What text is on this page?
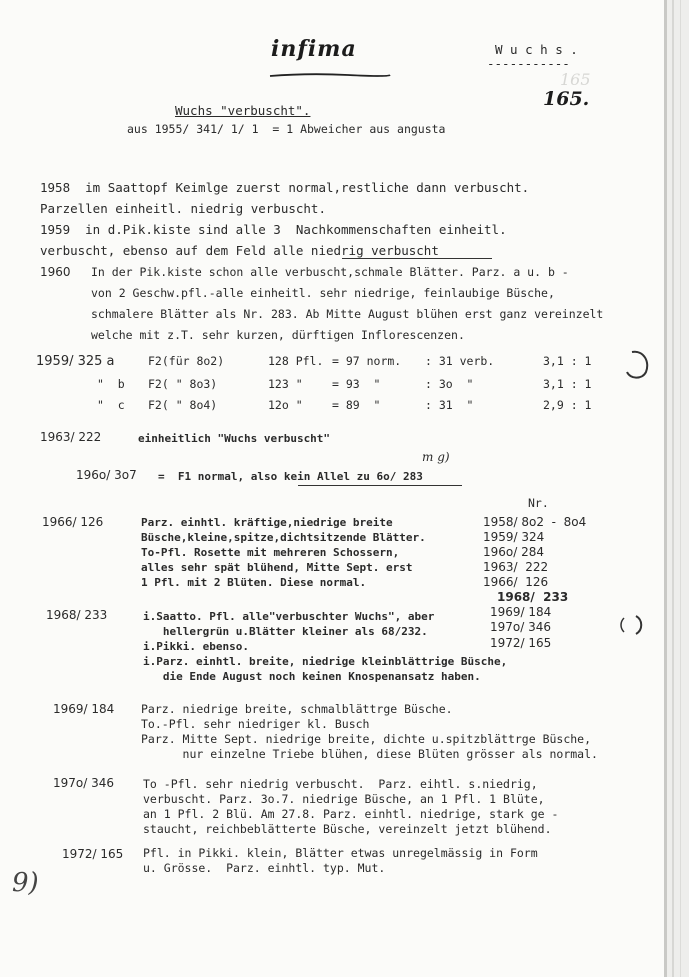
infima	W u c h s .
-----------
165
165.
Wuchs "verbuscht".
aus 1955/ 341/ 1/ 1  = 1 Abweicher aus angusta
1958  im Saattopf Keimlge zuerst normal,restliche dann verbuscht.
Parzellen einheitl. niedrig verbuscht.
1959  in d.Pik.kiste sind alle 3  Nachkommenschaften einheitl.
verbuscht, ebenso auf dem Feld alle niedrig verbuscht
1960 In der Pik.kiste schon alle verbuscht,schmale Blätter. Parz. a u. b -
von 2 Geschw.pfl.-alle einheitl. sehr niedrige, feinlaubige Büsche,
schmalere Blätter als Nr. 283. Ab Mitte August blühen erst ganz vereinzelt
welche mit z.T. sehr kurzen, dürftigen Inflorescenzen.
1959/ 325 a	F2(für 8o2)	128 Pfl. = 97 norm. : 31 verb.	3,1 : 1
"  b F2( " 8o3)	123 "	= 93  "	: 3o  "	3,1 : 1
"  c F2( " 8o4)	12o "	= 89  "	: 31  "	2,9 : 1
1963/ 222	einheitlich "Wuchs verbuscht"
m g)
196o/ 3o7 =  F1 normal, also kein Allel zu 6o/ 283
Nr.
1966/ 126	Parz. einhtl. kräftige,niedrige breite
Büsche,kleine,spitze,dichtsitzende Blätter.
To-Pfl. Rosette mit mehreren Schossern,
alles sehr spät blühend, Mitte Sept. erst
1 Pfl. mit 2 Blüten. Diese normal.
1958/ 8o2  -  8o4
1959/ 324
196o/ 284
1963/  222
1966/  126
1968/  233
1968/ 233	i.Saatto. Pfl. alle"verbuschter Wuchs", aber
hellergrün u.Blätter kleiner als 68/232.
i.Pikki. ebenso.
i.Parz. einhtl. breite, niedrige kleinblättrige Büsche,
die Ende August noch keinen Knospenansatz haben.
1969/ 184
197o/ 346
1972/ 165
1969/ 184 Parz. niedrige breite, schmalblättrge Büsche.
To.-Pfl. sehr niedriger kl. Busch
Parz. Mitte Sept. niedrige breite, dichte u.spitzblättrge Büsche,
nur einzelne Triebe blühen, diese Blüten grösser als normal.
197o/ 346	To -Pfl. sehr niedrig verbuscht.  Parz. eihtl. s.niedrig,
verbuscht. Parz. 3o.7. niedrige Büsche, an 1 Pfl. 1 Blüte,
an 1 Pfl. 2 Blü. Am 27.8. Parz. einhtl. niedrige, stark ge -
staucht, reichbeblätterte Büsche, vereinzelt jetzt blühend.
1972/ 165 Pfl. in Pikki. klein, Blätter etwas unregelmässig in Form
u. Grösse.  Parz. einhtl. typ. Mut.
9)
